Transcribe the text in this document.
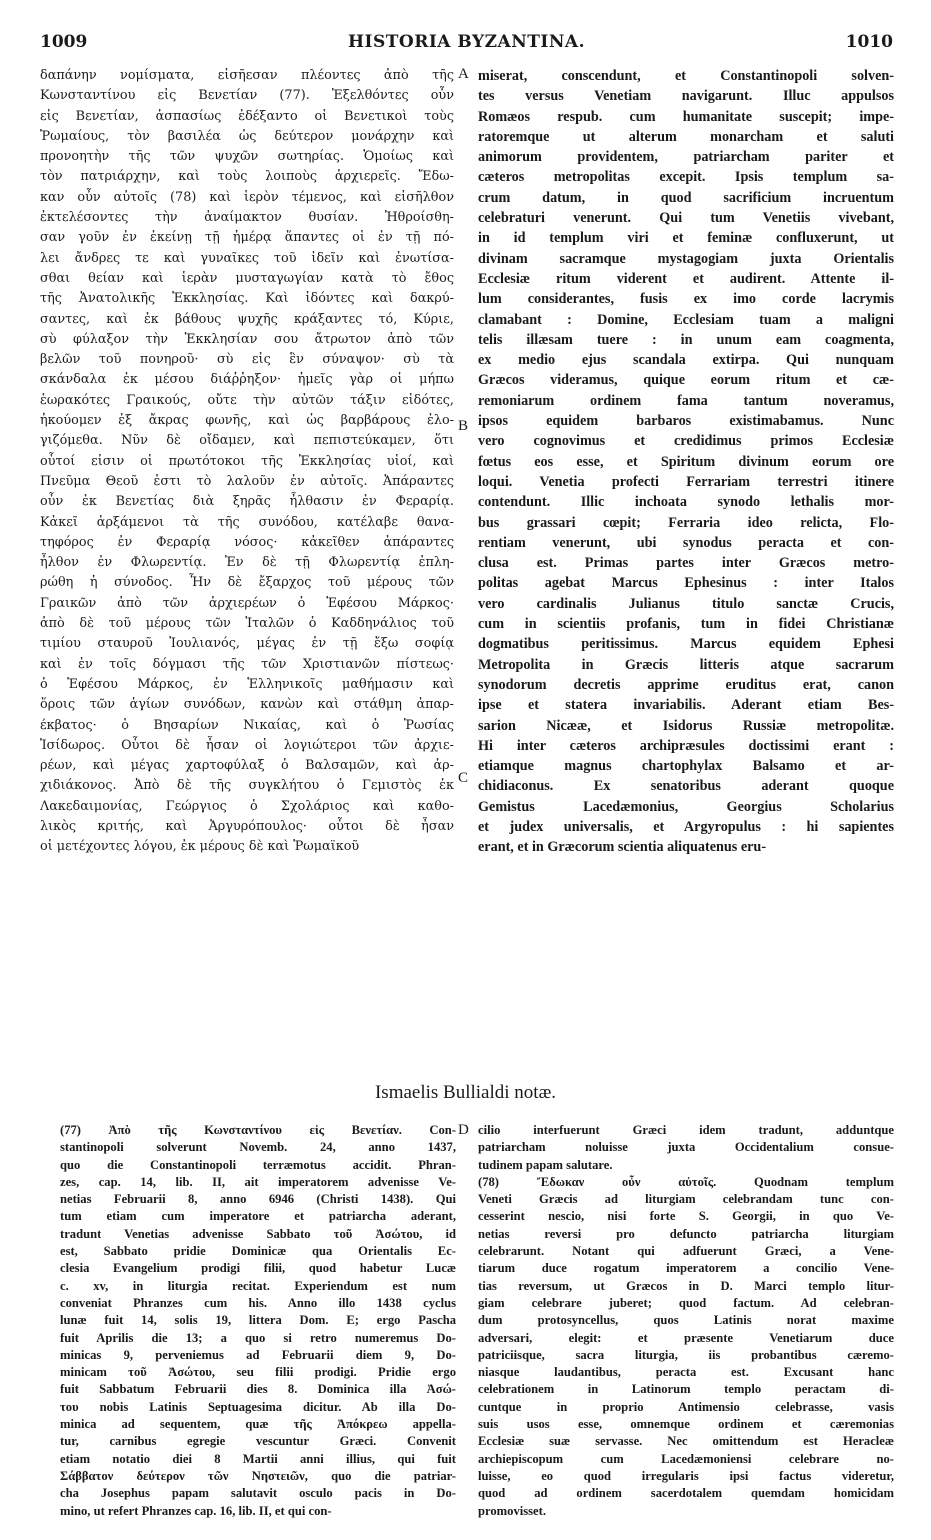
1009	HISTORIA BYZANTINA.	1010
δαπάνην νομίσματα, εἰσῆεσαν πλέοντες ἀπὸ τῆς
Κωνσταντίνου εἰς Βενετίαν (77). Ἐξελθόντες οὖν
εἰς Βενετίαν, ἀσπασίως ἐδέξαντο οἱ Βενετικοὶ τοὺς
Ῥωμαίους, τὸν βασιλέα ὡς δεύτερον μονάρχην καὶ
προνοητὴν τῆς τῶν ψυχῶν σωτηρίας. Ὁμοίως καὶ
τὸν πατριάρχην, καὶ τοὺς λοιποὺς ἀρχιερεῖς. Ἔδω-
καν οὖν αὐτοῖς (78) καὶ ἱερὸν τέμενος, καὶ εἰσῆλθον
ἐκτελέσοντες τὴν ἀναίμακτον θυσίαν. Ἠθροίσθη-
σαν γοῦν ἐν ἐκείνῃ τῇ ἡμέρᾳ ἅπαντες οἱ ἐν τῇ πό-
λει ἄνδρες τε καὶ γυναῖκες τοῦ ἰδεῖν καὶ ἐνωτίσα-
σθαι θείαν καὶ ἱερὰν μυσταγωγίαν κατὰ τὸ ἔθος
τῆς Ἀνατολικῆς Ἐκκλησίας. Καὶ ἰδόντες καὶ δακρύ-
σαντες, καὶ ἐκ βάθους ψυχῆς κράξαντες τό, Κύριε,
σὺ φύλαξον τὴν Ἐκκλησίαν σου ἄτρωτον ἀπὸ τῶν
βελῶν τοῦ πονηροῦ· σὺ εἰς ἓν σύναψον· σὺ τὰ
σκάνδαλα ἐκ μέσου διάῤῥηξον· ἡμεῖς γὰρ οἱ μήπω
ἑωρακότες Γραικούς, οὔτε τὴν αὐτῶν τάξιν εἰδότες,
ἠκούομεν ἐξ ἄκρας φωνῆς, καὶ ὡς βαρβάρους ἐλο-
γιζόμεθα. Νῦν δὲ οἴδαμεν, καὶ πεπιστεύκαμεν, ὅτι
οὗτοί εἰσιν οἱ πρωτότοκοι τῆς Ἐκκλησίας υἱοί, καὶ
Πνεῦμα Θεοῦ ἐστι τὸ λαλοῦν ἐν αὐτοῖς. Ἀπάραντες
οὖν ἐκ Βενετίας διὰ ξηρᾶς ἦλθασιν ἐν Φεραρίᾳ.
Κἀκεῖ ἀρξάμενοι τὰ τῆς συνόδου, κατέλαβε θανα-
τηφόρος ἐν Φεραρίᾳ νόσος· κἀκεῖθεν ἀπάραντες
ἦλθον ἐν Φλωρεντίᾳ. Ἐν δὲ τῇ Φλωρεντίᾳ ἐπλη-
ρώθη ἡ σύνοδος. Ἦν δὲ ἔξαρχος τοῦ μέρους τῶν
Γραικῶν ἀπὸ τῶν ἀρχιερέων ὁ Ἐφέσου Μάρκος·
ἀπὸ δὲ τοῦ μέρους τῶν Ἰταλῶν ὁ Καδδηνάλιος τοῦ
τιμίου σταυροῦ Ἰουλιανός, μέγας ἐν τῇ ἔξω σοφίᾳ
καὶ ἐν τοῖς δόγμασι τῆς τῶν Χριστιανῶν πίστεως·
ὁ Ἐφέσου Μάρκος, ἐν Ἑλληνικοῖς μαθήμασιν καὶ
ὅροις τῶν ἁγίων συνόδων, κανὼν καὶ στάθμη ἀπαρ-
έκβατος· ὁ Βησαρίων Νικαίας, καὶ ὁ Ῥωσίας
Ἰσίδωρος. Οὗτοι δὲ ἦσαν οἱ λογιώτεροι τῶν ἀρχιε-
ρέων, καὶ μέγας χαρτοφύλαξ ὁ Βαλσαμῶν, καὶ ἀρ-
χιδιάκονος. Ἀπὸ δὲ τῆς συγκλήτου ὁ Γεμιστὸς ἐκ
Λακεδαιμονίας, Γεώργιος ὁ Σχολάριος καὶ καθο-
λικὸς κριτής, καὶ Ἀργυρόπουλος· οὗτοι δὲ ἦσαν
οἱ μετέχοντες λόγου, ἐκ μέρους δὲ καὶ Ῥωμαϊκοῦ
miserat, conscendunt, et Constantinopoli solven-
tes versus Venetiam navigarunt. Illuc appulsos
Romæos respub. cum humanitate suscepit; impe-
ratoremque ut alterum monarcham et saluti
animorum providentem, patriarcham pariter et
cæteros metropolitas excepit. Ipsis templum sa-
crum datum, in quod sacrificium incruentum
celebraturi venerunt. Qui tum Venetiis vivebant,
in id templum viri et feminæ confluxerunt, ut
divinam sacramque mystagogiam juxta Orientalis
Ecclesiæ ritum viderent et audirent. Attente il-
lum considerantes, fusis ex imo corde lacrymis
clamabant : Domine, Ecclesiam tuam a maligni
telis illæsam tuere : in unum eam coagmenta,
ex medio ejus scandala extirpa. Qui nunquam
Græcos videramus, quique eorum ritum et cæ-
remoniarum ordinem fama tantum noveramus,
ipsos equidem barbaros existimabamus. Nunc
vero cognovimus et credidimus primos Ecclesiæ
fœtus eos esse, et Spiritum divinum eorum ore
loqui. Venetia profecti Ferrariam terrestri itinere
contendunt. Illic inchoata synodo lethalis mor-
bus grassari cœpit; Ferraria ideo relicta, Flo-
rentiam venerunt, ubi synodus peracta et con-
clusa est. Primas partes inter Græcos metro-
politas agebat Marcus Ephesinus : inter Italos
vero cardinalis Julianus titulo sanctæ Crucis,
cum in scientiis profanis, tum in fidei Christianæ
dogmatibus peritissimus. Marcus equidem Ephesi
Metropolita in Græcis litteris atque sacrarum
synodorum decretis apprime eruditus erat, canon
ipse et statera invariabilis. Aderant etiam Bes-
sarion Nicææ, et Isidorus Russiæ metropolitæ.
Hi inter cæteros archipræsules doctissimi erant :
etiamque magnus chartophylax Balsamo et ar-
chidiaconus. Ex senatoribus aderant quoque
Gemistus Lacedæmonius, Georgius Scholarius
et judex universalis, et Argyropulus : hi sapientes
erant, et in Græcorum scientia aliquatenus eru-
A
B
C
D
Ismaelis Bullialdi notæ.
(77) Ἀπὸ τῆς Κωνσταντίνου εἰς Βενετίαν. Con-
stantinopoli solverunt Novemb. 24, anno 1437,
quo die Constantinopoli terræmotus accidit. Phran-
zes, cap. 14, lib. II, ait imperatorem advenisse Ve-
netias Februarii 8, anno 6946 (Christi 1438). Qui
tum etiam cum imperatore et patriarcha aderant,
tradunt Venetias advenisse Sabbato τοῦ Ἀσώτου, id
est, Sabbato pridie Dominicæ qua Orientalis Ec-
clesia Evangelium prodigi filii, quod habetur Lucæ
c. xv, in liturgia recitat. Experiendum est num
conveniat Phranzes cum his. Anno illo 1438 cyclus
lunæ fuit 14, solis 19, littera Dom. E; ergo Pascha
fuit Aprilis die 13; a quo si retro numeremus Do-
minicas 9, perveniemus ad Februarii diem 9, Do-
minicam τοῦ Ἀσώτου, seu filii prodigi. Pridie ergo
fuit Sabbatum Februarii dies 8. Dominica illa Ἀσώ-
του nobis Latinis Septuagesima dicitur. Ab illa Do-
minica ad sequentem, quæ τῆς Ἀπόκρεω appella-
tur, carnibus egregie vescuntur Græci. Convenit
etiam notatio diei 8 Martii anni illius, qui fuit
Σάββατον δεύτερον τῶν Νηστειῶν, quo die patriar-
cha Josephus papam salutavit osculo pacis in Do-
mino, ut refert Phranzes cap. 16, lib. II, et qui con-
cilio interfuerunt Græci idem tradunt, adduntque
patriarcham noluisse juxta Occidentalium consue-
tudinem papam salutare.
(78) Ἔδωκαν οὖν αὐτοῖς. Quodnam templum
Veneti Græcis ad liturgiam celebrandam tunc con-
cesserint nescio, nisi forte S. Georgii, in quo Ve-
netias reversi pro defuncto patriarcha liturgiam
celebrarunt. Notant qui adfuerunt Græci, a Vene-
tiarum duce rogatum imperatorem a concilio Vene-
tias reversum, ut Græcos in D. Marci templo litur-
giam celebrare juberet; quod factum. Ad celebran-
dum protosyncellus, quos Latinis norat maxime
adversari, elegit: et præsente Venetiarum duce
patriciisque, sacra liturgia, iis probantibus cæremo-
niasque laudantibus, peracta est. Excusant hanc
celebrationem in Latinorum templo peractam di-
cuntque in proprio Antimensio celebrasse, vasis
suis usos esse, omnemque ordinem et cæremonias
Ecclesiæ suæ servasse. Nec omittendum est Heracleæ
archiepiscopum cum Lacedæmoniensi celebrare no-
luisse, eo quod irregularis ipsi factus videretur,
quod ad ordinem sacerdotalem quemdam homicidam
promovisset.
